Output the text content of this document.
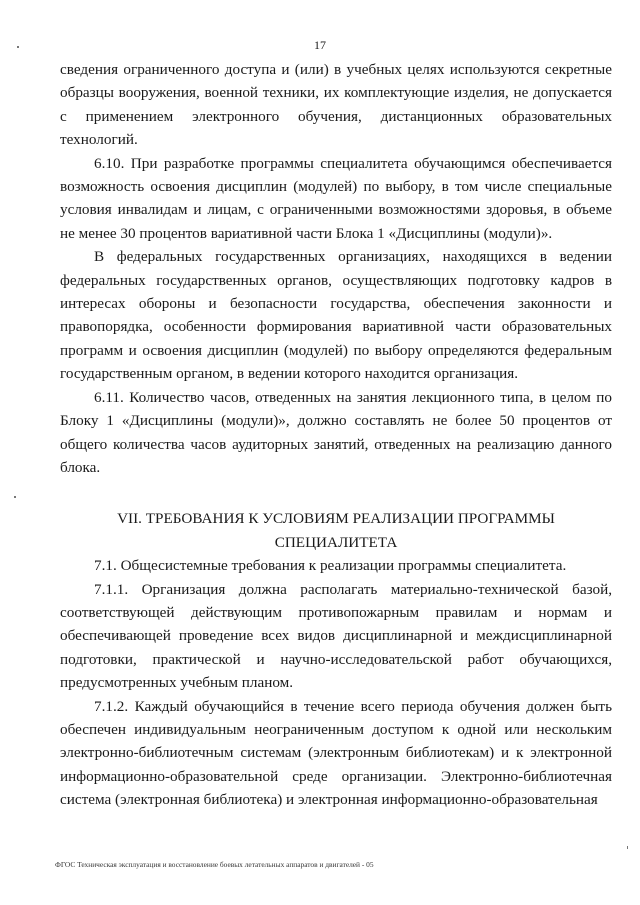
17

сведения ограниченного доступа и (или) в учебных целях используются секретные образцы вооружения, военной техники, их комплектующие изделия, не допускается с применением электронного обучения, дистанционных образовательных технологий.

6.10. При разработке программы специалитета обучающимся обеспечивается возможность освоения дисциплин (модулей) по выбору, в том числе специальные условия инвалидам и лицам, с ограниченными возможностями здоровья, в объеме не менее 30 процентов вариативной части Блока 1 «Дисциплины (модули)».

В федеральных государственных организациях, находящихся в ведении федеральных государственных органов, осуществляющих подготовку кадров в интересах обороны и безопасности государства, обеспечения законности и правопорядка, особенности формирования вариативной части образовательных программ и освоения дисциплин (модулей) по выбору определяются федеральным государственным органом, в ведении которого находится организация.

6.11. Количество часов, отведенных на занятия лекционного типа, в целом по Блоку 1 «Дисциплины (модули)», должно составлять не более 50 процентов от общего количества часов аудиторных занятий, отведенных на реализацию данного блока.

VII. ТРЕБОВАНИЯ К УСЛОВИЯМ РЕАЛИЗАЦИИ ПРОГРАММЫ
СПЕЦИАЛИТЕТА

7.1. Общесистемные требования к реализации программы специалитета.

7.1.1. Организация должна располагать материально-технической базой, соответствующей действующим противопожарным правилам и нормам и обеспечивающей проведение всех видов дисциплинарной и междисциплинарной подготовки, практической и научно-исследовательской работ обучающихся, предусмотренных учебным планом.

7.1.2. Каждый обучающийся в течение всего периода обучения должен быть обеспечен индивидуальным неограниченным доступом к одной или нескольким электронно-библиотечным системам (электронным библиотекам) и к электронной информационно-образовательной среде организации. Электронно-библиотечная система (электронная библиотека) и электронная информационно-образовательная

ФГОС Техническая эксплуатация и восстановление боевых летательных аппаратов и двигателей - 05
